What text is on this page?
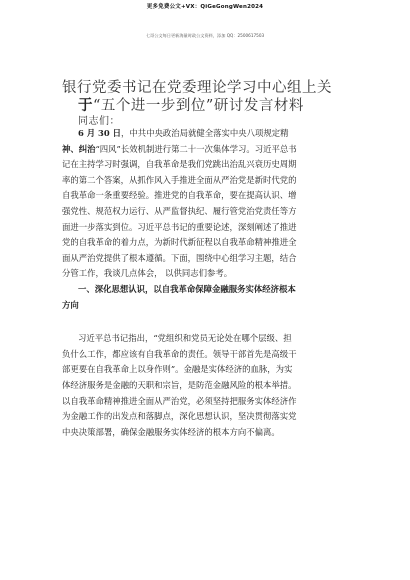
更多免费公文+VX：QiGeGongWen2024
七哥公文每日更新海量时政公文资料，添加 QQ：2500617503
银行党委书记在党委理论学习中心组上关
于“五个进一步到位”研讨发言材料
同志们：
6 月 30 日，中共中央政治局就健全落实中央八项规定精
神、纠治“四风”长效机制进行第二十一次集体学习。习近平总书
记在主持学习时强调，自我革命是我们党跳出治乱兴衰历史周期
率的第二个答案，从抓作风入手推进全面从严治党是新时代党的
自我革命一条重要经验。推进党的自我革命，要在提高认识、增
强党性、规范权力运行、从严监督执纪、履行管党治党责任等方
面进一步落实到位。习近平总书记的重要论述，深刻阐述了推进
党的自我革命的着力点，为新时代新征程以自我革命精神推进全
面从严治党提供了根本遵循。下面，围绕中心组学习主题，结合
分管工作，我谈几点体会， 以供同志们参考。
一、深化思想认识，以自我革命保障金融服务实体经济根本
方向
习近平总书记指出，“党组织和党员无论处在哪个层级、担
负什么工作，都应该有自我革命的责任。领导干部首先是高级干
部更要在自我革命上以身作则”。金融是实体经济的血脉，为实
体经济服务是金融的天职和宗旨，是防范金融风险的根本举措。
以自我革命精神推进全面从严治党，必须坚持把服务实体经济作
为金融工作的出发点和落脚点，深化思想认识，坚决贯彻落实党
中央决策部署，确保金融服务实体经济的根本方向不偏离。
